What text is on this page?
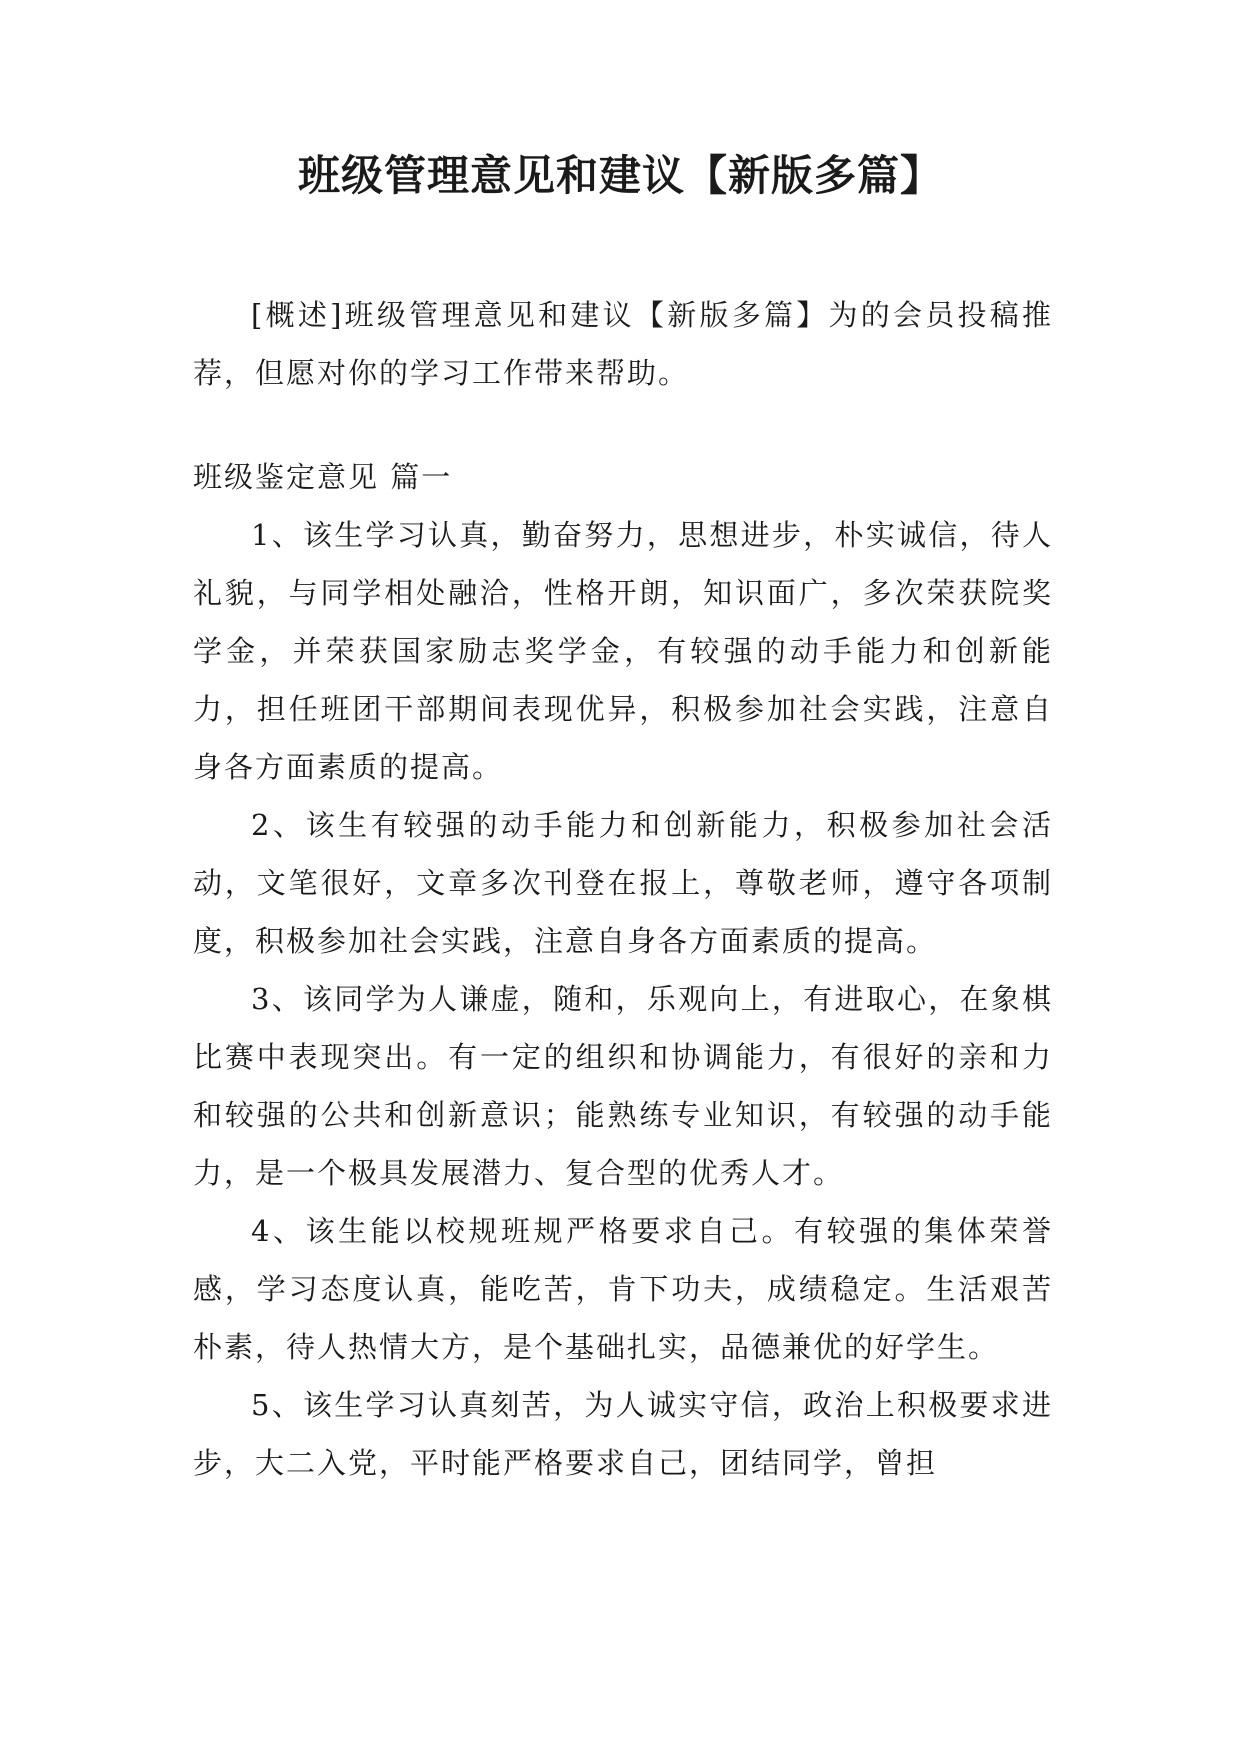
班级管理意见和建议【新版多篇】

[概述]班级管理意见和建议【新版多篇】为的会员投稿推荐，但愿对你的学习工作带来帮助。

班级鉴定意见 篇一

1、该生学习认真，勤奋努力，思想进步，朴实诚信，待人礼貌，与同学相处融洽，性格开朗，知识面广，多次荣获院奖学金，并荣获国家励志奖学金，有较强的动手能力和创新能力，担任班团干部期间表现优异，积极参加社会实践，注意自身各方面素质的提高。

2、该生有较强的动手能力和创新能力，积极参加社会活动，文笔很好，文章多次刊登在报上，尊敬老师，遵守各项制度，积极参加社会实践，注意自身各方面素质的提高。

3、该同学为人谦虚，随和，乐观向上，有进取心，在象棋比赛中表现突出。有一定的组织和协调能力，有很好的亲和力和较强的公共和创新意识；能熟练专业知识，有较强的动手能力，是一个极具发展潜力、复合型的优秀人才。

4、该生能以校规班规严格要求自己。有较强的集体荣誉感，学习态度认真，能吃苦，肯下功夫，成绩稳定。生活艰苦朴素，待人热情大方，是个基础扎实，品德兼优的好学生。

5、该生学习认真刻苦，为人诚实守信，政治上积极要求进步，大二入党，平时能严格要求自己，团结同学，曾担
